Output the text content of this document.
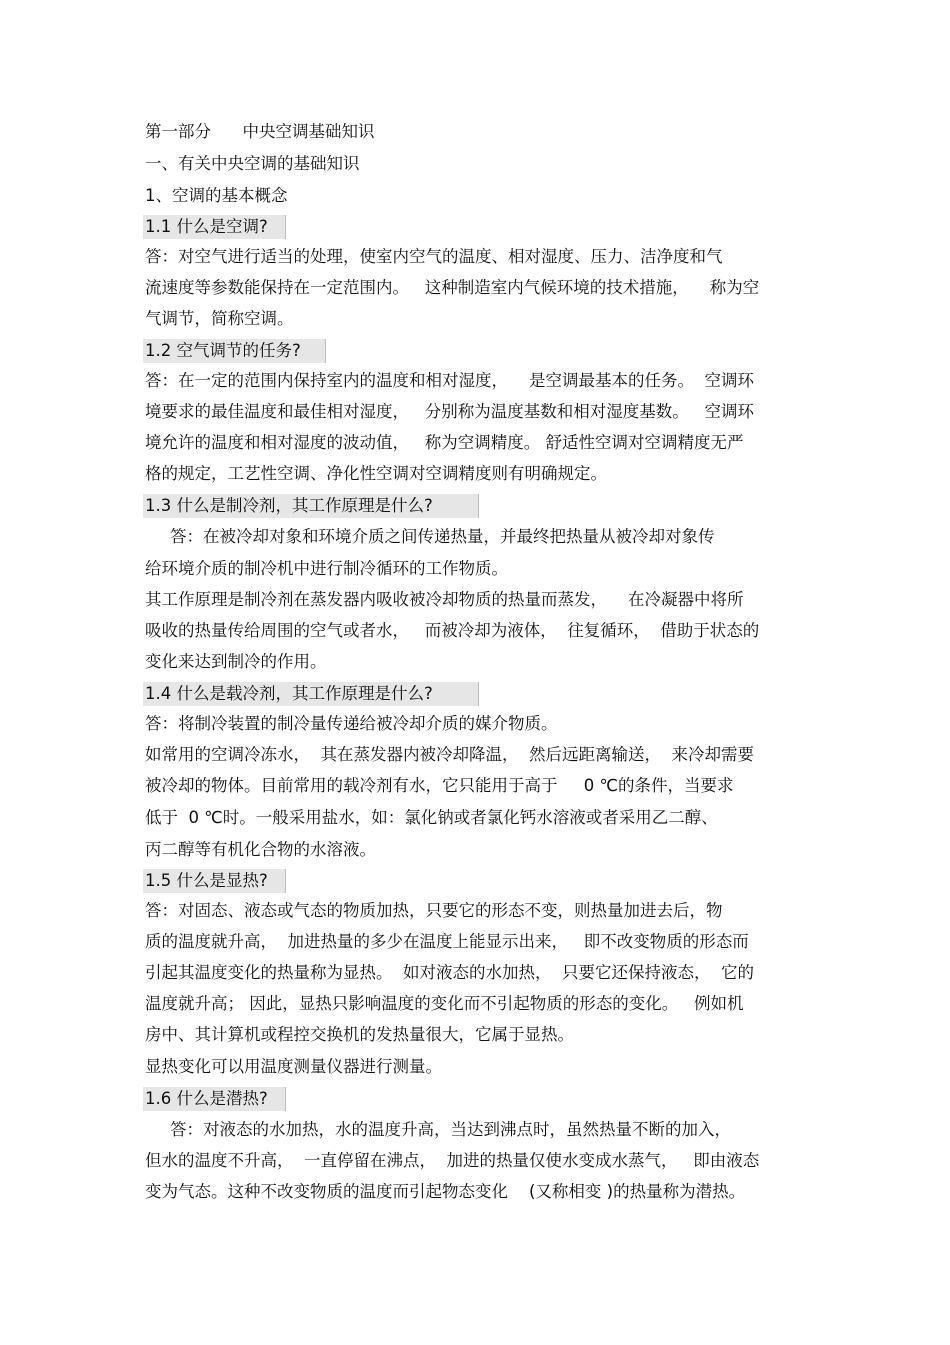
第一部分      中央空调基础知识
一、有关中央空调的基础知识
1、空调的基本概念
1.1 什么是空调?
答：对空气进行适当的处理，使室内空气的温度、相对湿度、压力、洁净度和气
流速度等参数能保持在一定范围内。   这种制造室内气候环境的技术措施，    称为空
气调节，简称空调。
1.2 空气调节的任务?
答：在一定的范围内保持室内的温度和相对湿度，    是空调最基本的任务。  空调环
境要求的最佳温度和最佳相对湿度，   分别称为温度基数和相对湿度基数。   空调环
境允许的温度和相对湿度的波动值，   称为空调精度。 舒适性空调对空调精度无严
格的规定，工艺性空调、净化性空调对空调精度则有明确规定。
1.3 什么是制冷剂，其工作原理是什么?
答：在被冷却对象和环境介质之间传递热量，并最终把热量从被冷却对象传
给环境介质的制冷机中进行制冷循环的工作物质。
其工作原理是制冷剂在蒸发器内吸收被冷却物质的热量而蒸发，    在冷凝器中将所
吸收的热量传给周围的空气或者水，   而被冷却为液体，  往复循环，  借助于状态的
变化来达到制冷的作用。
1.4 什么是载冷剂，其工作原理是什么?
答：将制冷装置的制冷量传递给被冷却介质的媒介物质。
如常用的空调冷冻水，  其在蒸发器内被冷却降温，  然后远距离输送，  来冷却需要
被冷却的物体。目前常用的载冷剂有水，它只能用于高于     0 ℃的条件，当要求
低于  0 ℃时。一般采用盐水，如：氯化钠或者氯化钙水溶液或者采用乙二醇、
丙二醇等有机化合物的水溶液。
1.5 什么是显热?
答：对固态、液态或气态的物质加热，只要它的形态不变，则热量加进去后，物
质的温度就升高，  加进热量的多少在温度上能显示出来，   即不改变物质的形态而
引起其温度变化的热量称为显热。  如对液态的水加热，  只要它还保持液态，  它的
温度就升高； 因此，显热只影响温度的变化而不引起物质的形态的变化。   例如机
房中、其计算机或程控交换机的发热量很大，它属于显热。
显热变化可以用温度测量仪器进行测量。
1.6 什么是潜热?
答：对液态的水加热，水的温度升高，当达到沸点时，虽然热量不断的加入，
但水的温度不升高，  一直停留在沸点，  加进的热量仅使水变成水蒸气，   即由液态
变为气态。这种不改变物质的温度而引起物态变化    (又称相变 )的热量称为潜热。
